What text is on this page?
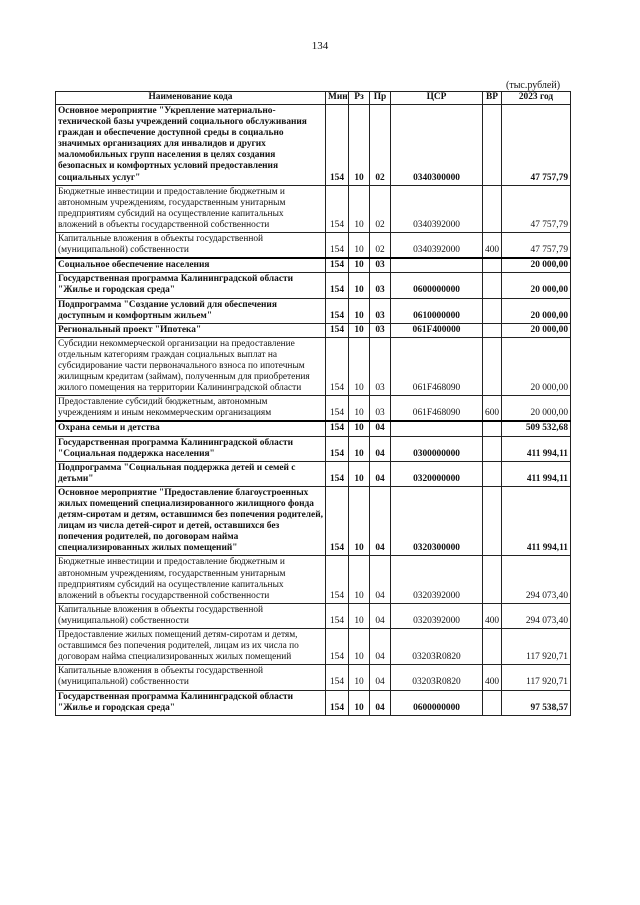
134
(тыс.рублей)
Наименование кода	Мин	Рз	Пр	ЦСР	ВР	2023 год
Основное мероприятие "Укрепление материально-технической базы учреждений социального обслуживания граждан и обеспечение доступной среды в социально значимых организациях для инвалидов и других маломобильных групп населения в целях создания безопасных и комфортных условий предоставления социальных услуг"	154	10	02	0340300000		47 757,79
Бюджетные инвестиции и предоставление бюджетным и автономным учреждениям, государственным унитарным предприятиям субсидий на осуществление капитальных вложений в объекты государственной собственности	154	10	02	0340392000		47 757,79
Капитальные вложения в объекты государственной (муниципальной) собственности	154	10	02	0340392000	400	47 757,79
Социальное обеспечение населения	154	10	03			20 000,00
Государственная программа Калининградской области "Жилье и городская среда"	154	10	03	0600000000		20 000,00
Подпрограмма "Создание условий для обеспечения доступным и комфортным жильем"	154	10	03	0610000000		20 000,00
Региональный проект "Ипотека"	154	10	03	061F400000		20 000,00
Субсидии некоммерческой организации на предоставление отдельным категориям граждан социальных выплат на субсидирование части первоначального взноса по ипотечным жилищным кредитам (займам), полученным для приобретения жилого помещения на территории Калининградской области	154	10	03	061F468090		20 000,00
Предоставление субсидий бюджетным, автономным учреждениям и иным некоммерческим организациям	154	10	03	061F468090	600	20 000,00
Охрана семьи и детства	154	10	04			509 532,68
Государственная программа Калининградской области "Социальная поддержка населения"	154	10	04	0300000000		411 994,11
Подпрограмма "Социальная поддержка детей и семей с детьми"	154	10	04	0320000000		411 994,11
Основное мероприятие "Предоставление благоустроенных жилых помещений специализированного жилищного фонда детям-сиротам и детям, оставшимся без попечения родителей, лицам из числа детей-сирот и детей, оставшихся без попечения родителей, по договорам найма специализированных жилых помещений"	154	10	04	0320300000		411 994,11
Бюджетные инвестиции и предоставление бюджетным и автономным учреждениям, государственным унитарным предприятиям субсидий на осуществление капитальных вложений в объекты государственной собственности	154	10	04	0320392000		294 073,40
Капитальные вложения в объекты государственной (муниципальной) собственности	154	10	04	0320392000	400	294 073,40
Предоставление жилых помещений детям-сиротам и детям, оставшимся без попечения родителей, лицам из их числа по договорам найма специализированных жилых помещений	154	10	04	03203R0820		117 920,71
Капитальные вложения в объекты государственной (муниципальной) собственности	154	10	04	03203R0820	400	117 920,71
Государственная программа Калининградской области "Жилье и городская среда"	154	10	04	0600000000		97 538,57
